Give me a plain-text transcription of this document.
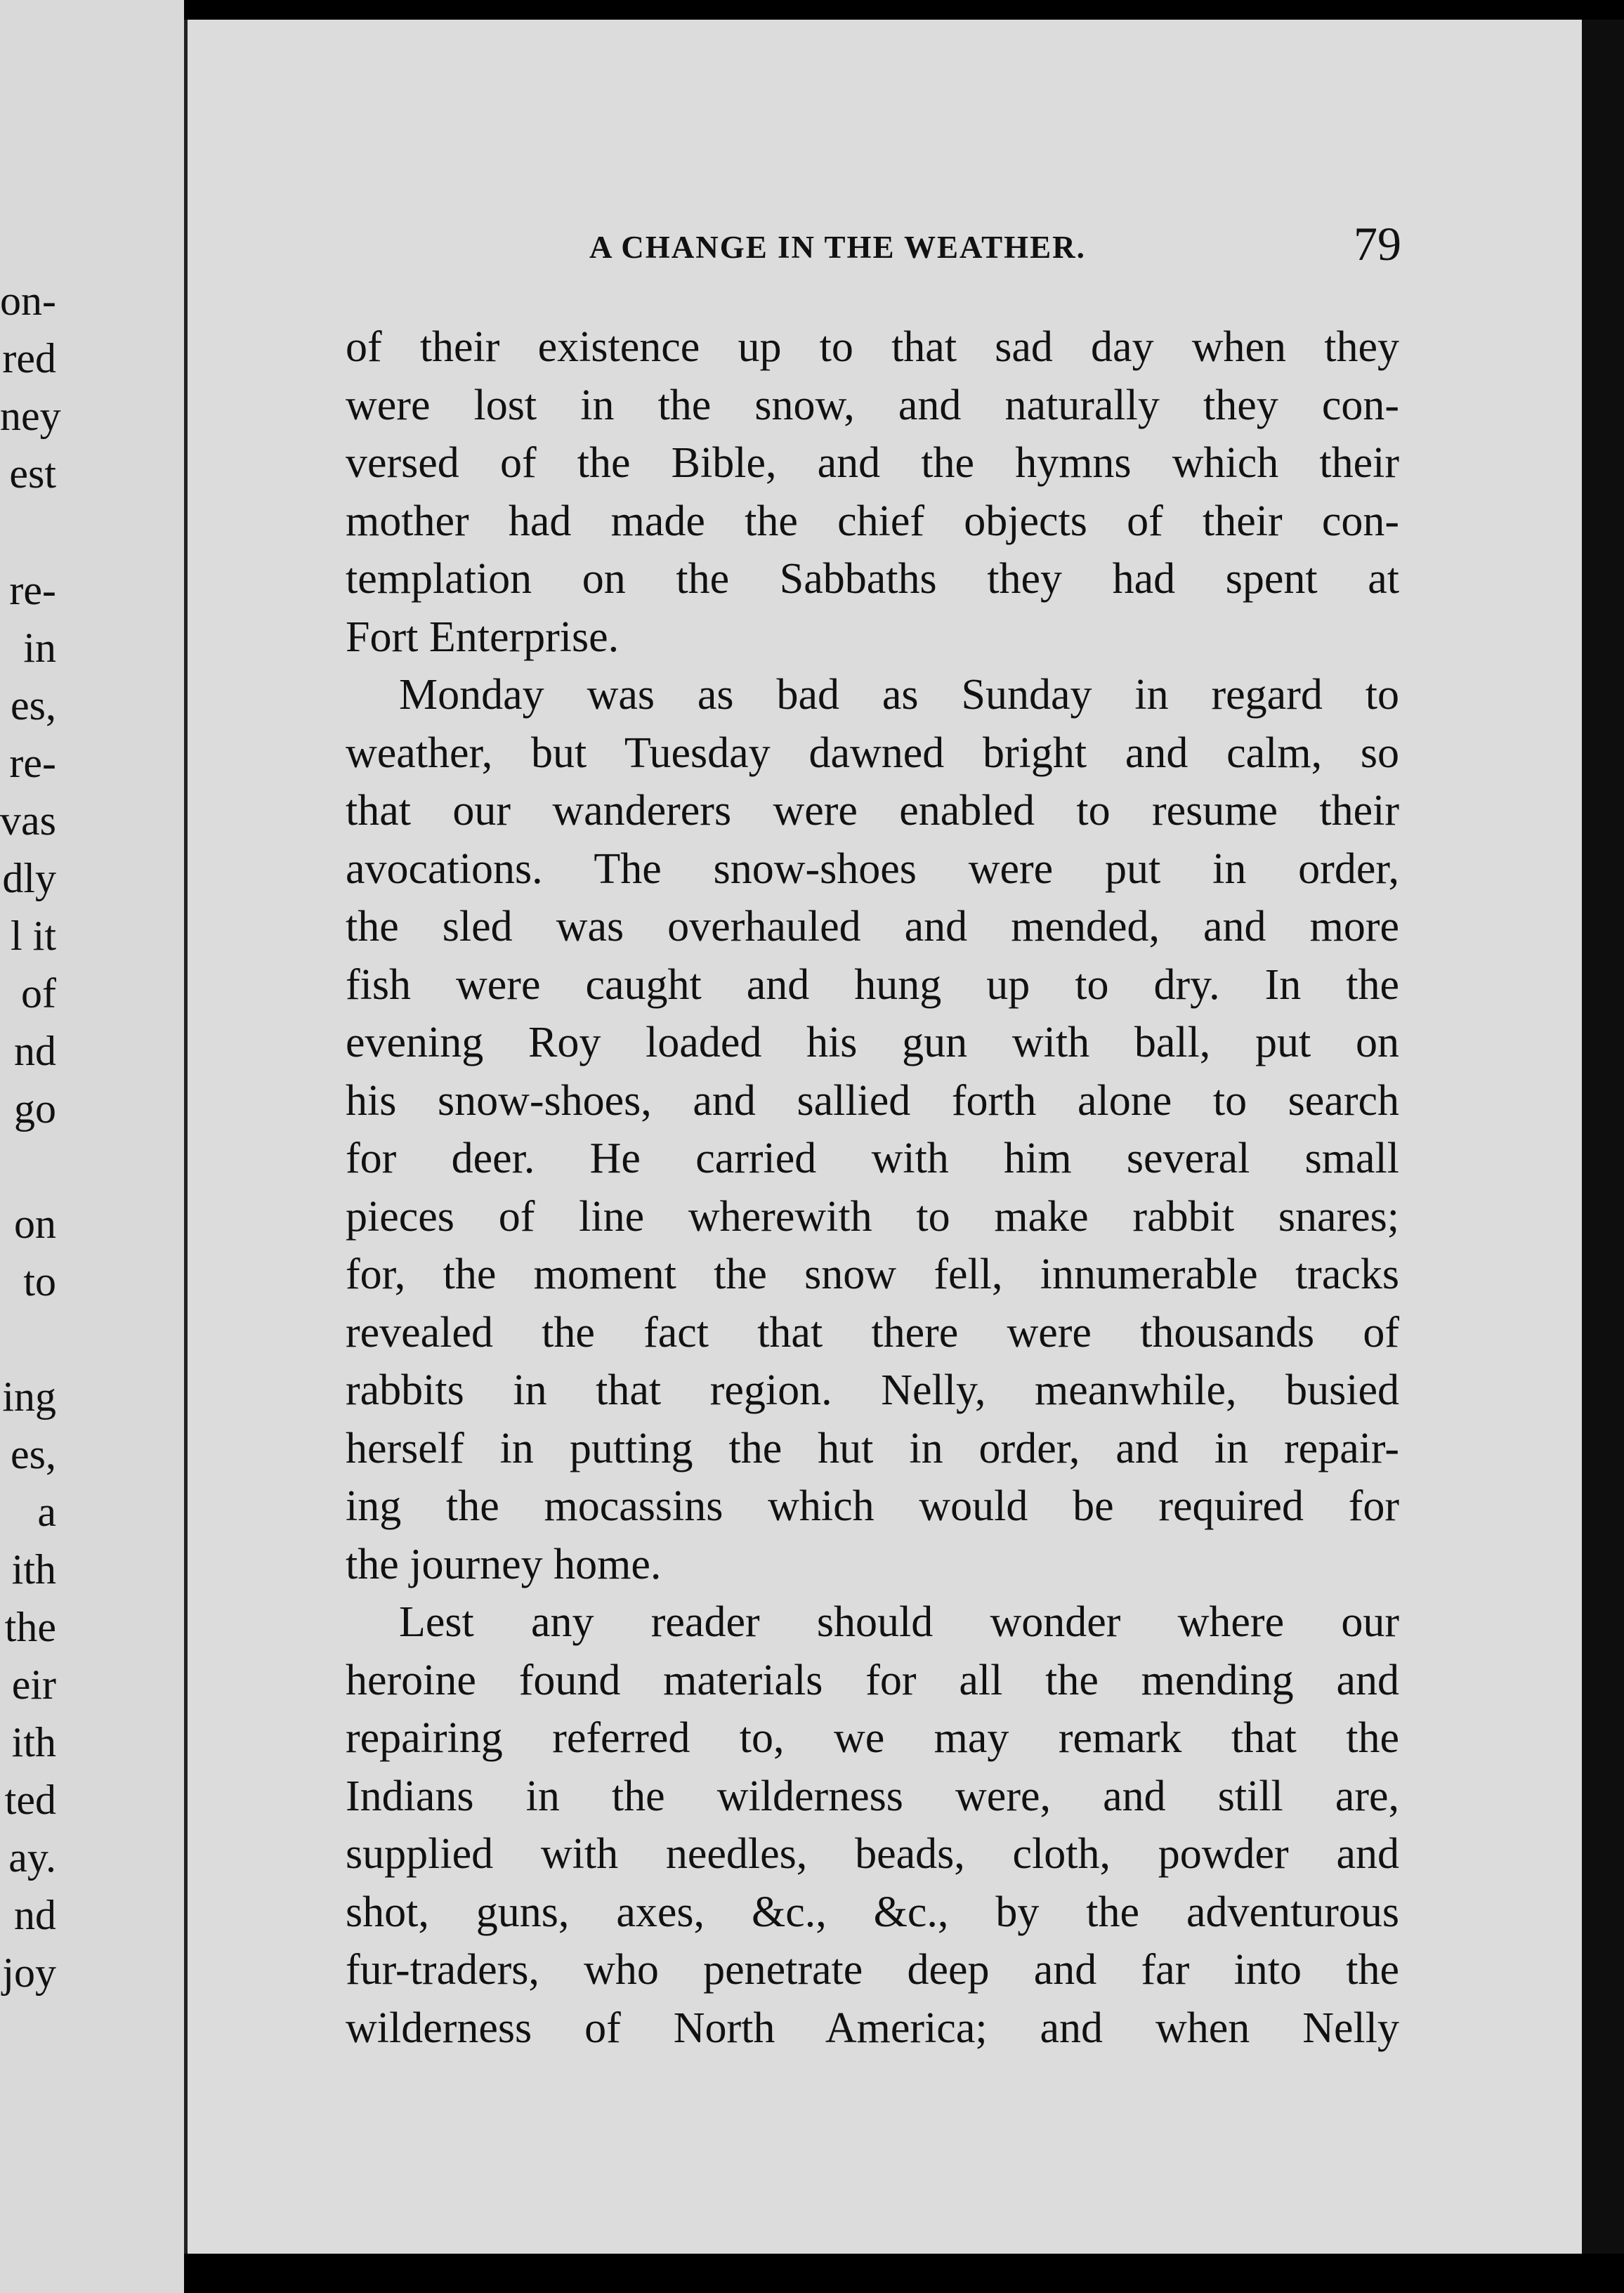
on-
red
ney
est
re-
in
es,
re-
vas
dly
l it
of
nd
go
on
to
ing
es,
a
ith
the
eir
ith
ted
ay.
nd
joy
A CHANGE IN THE WEATHER.	79
of their existence up to that sad day when they
were lost in the snow, and naturally they con-
versed of the Bible, and the hymns which their
mother had made the chief objects of their con-
templation on the Sabbaths they had spent at
Fort Enterprise.
Monday was as bad as Sunday in regard to
weather, but Tuesday dawned bright and calm, so
that our wanderers were enabled to resume their
avocations. The snow-shoes were put in order,
the sled was overhauled and mended, and more
fish were caught and hung up to dry. In the
evening Roy loaded his gun with ball, put on
his snow-shoes, and sallied forth alone to search
for deer. He carried with him several small
pieces of line wherewith to make rabbit snares;
for, the moment the snow fell, innumerable tracks
revealed the fact that there were thousands of
rabbits in that region. Nelly, meanwhile, busied
herself in putting the hut in order, and in repair-
ing the mocassins which would be required for
the journey home.
Lest any reader should wonder where our
heroine found materials for all the mending and
repairing referred to, we may remark that the
Indians in the wilderness were, and still are,
supplied with needles, beads, cloth, powder and
shot, guns, axes, &c., &c., by the adventurous
fur-traders, who penetrate deep and far into the
wilderness of North America; and when Nelly
